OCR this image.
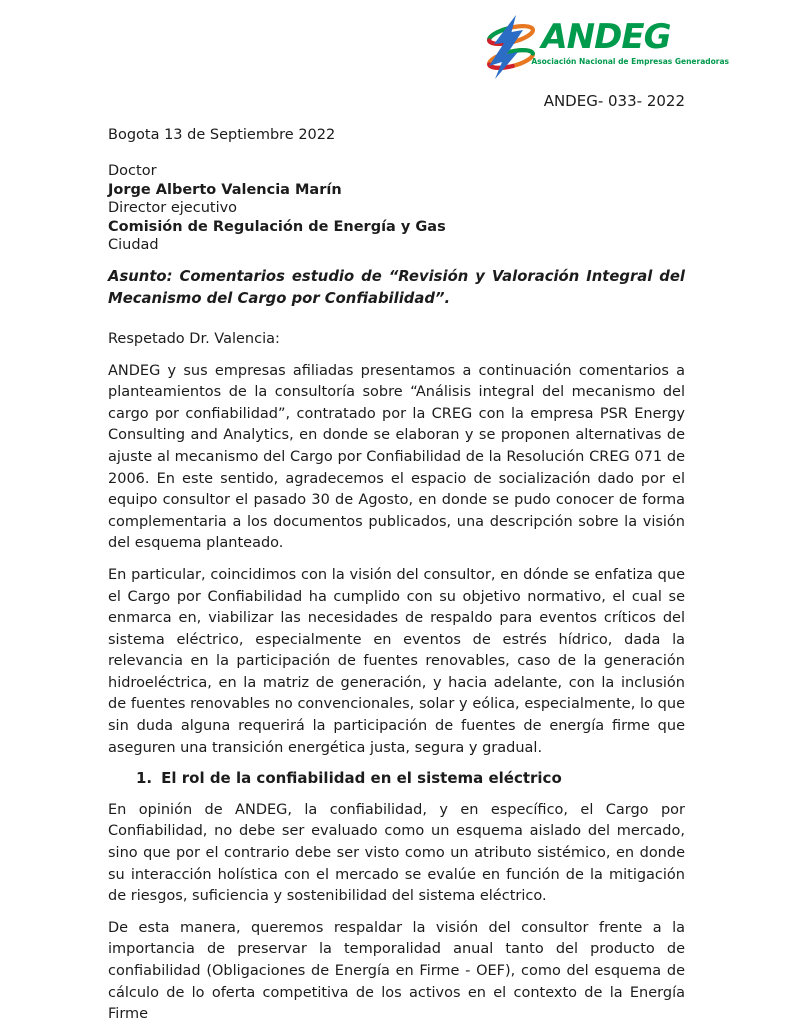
ANDEG
Asociación Nacional de Empresas Generadoras
ANDEG- 033- 2022

Bogota 13 de Septiembre 2022

Doctor

Jorge Alberto Valencia Marín

Director ejecutivo

Comisión de Regulación de Energía y Gas

Ciudad

Asunto: Comentarios estudio de “Revisión y Valoración Integral del Mecanismo del Cargo por Confiabilidad”.

Respetado Dr. Valencia:

ANDEG y sus empresas afiliadas presentamos a continuación comentarios a planteamientos de la consultoría sobre “Análisis integral del mecanismo del cargo por confiabilidad”, contratado por la CREG con la empresa PSR Energy Consulting and Analytics, en donde se elaboran y se proponen alternativas de ajuste al mecanismo del Cargo por Confiabilidad de la Resolución CREG 071 de 2006. En este sentido, agradecemos el espacio de socialización dado por el equipo consultor el pasado 30 de Agosto, en donde se pudo conocer de forma complementaria a los documentos publicados, una descripción sobre la visión del esquema planteado.

En particular, coincidimos con la visión del consultor, en dónde se enfatiza que el Cargo por Confiabilidad ha cumplido con su objetivo normativo, el cual se enmarca en, viabilizar las necesidades de respaldo para eventos críticos del sistema eléctrico, especialmente en eventos de estrés hídrico, dada la relevancia en la participación de fuentes renovables, caso de la generación hidroeléctrica, en la matriz de generación, y hacia adelante, con la inclusión de fuentes renovables no convencionales, solar y eólica, especialmente, lo que sin duda alguna requerirá la participación de fuentes de energía firme que aseguren una transición energética justa, segura y gradual.

1. El rol de la confiabilidad en el sistema eléctrico

En opinión de ANDEG, la confiabilidad, y en específico, el Cargo por Confiabilidad, no debe ser evaluado como un esquema aislado del mercado, sino que por el contrario debe ser visto como un atributo sistémico, en donde su interacción holística con el mercado se evalúe en función de la mitigación de riesgos, suficiencia y sostenibilidad del sistema eléctrico.

De esta manera, queremos respaldar la visión del consultor frente a la importancia de preservar la temporalidad anual tanto del producto de confiabilidad (Obligaciones de Energía en Firme - OEF), como del esquema de cálculo de lo oferta competitiva de los activos en el contexto de la Energía Firme
